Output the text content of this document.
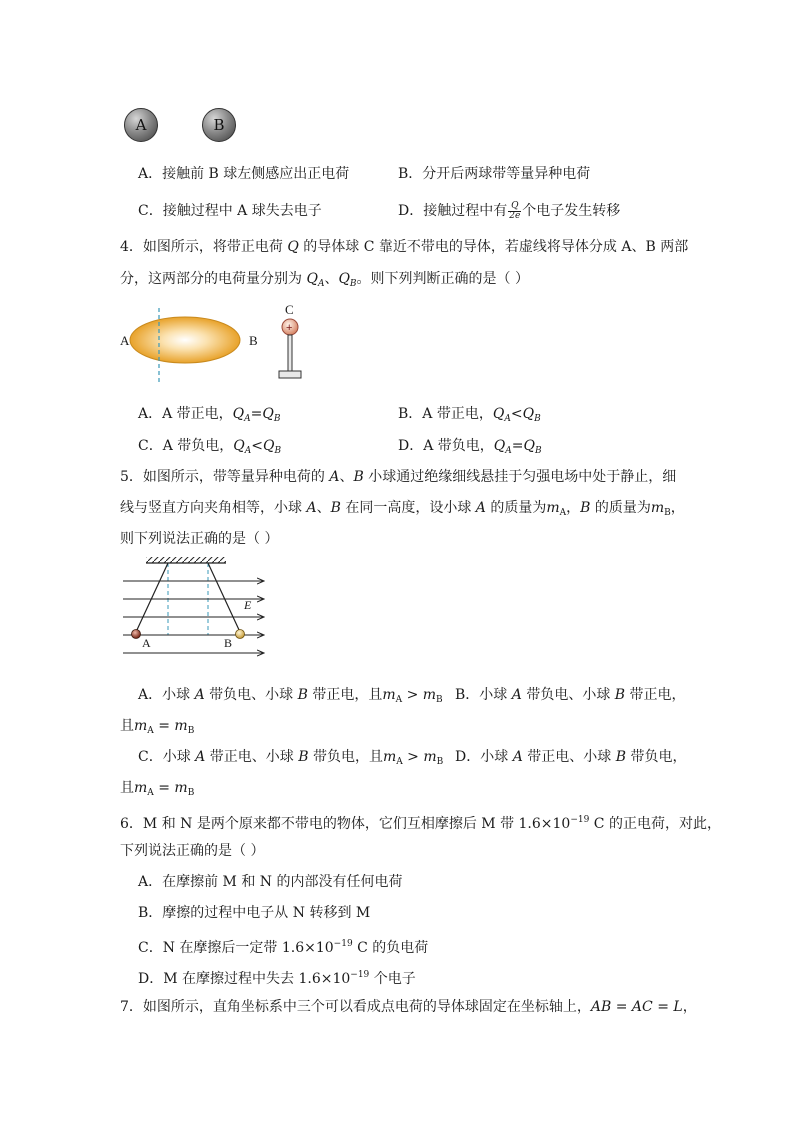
A	B
A．接触前 B 球左侧感应出正电荷	B．分开后两球带等量异种电荷
C．接触过程中 A 球失去电子	D．接触过程中有 $\frac{Q}{2e}$ 个电子发生转移
4．如图所示，将带正电荷 Q 的导体球 C 靠近不带电的导体，若虚线将导体分成 A、B 两部
分，这两部分的电荷量分别为 $Q_A$、$Q_B$。则下列判断正确的是（ ）
A	B
C
+
A．A 带正电，$Q_A=Q_B$	B．A 带正电，$Q_A<Q_B$
C．A 带负电，$Q_A<Q_B$	D．A 带负电，$Q_A=Q_B$
5．如图所示，带等量异种电荷的 A、B 小球通过绝缘细线悬挂于匀强电场中处于静止，细
线与竖直方向夹角相等，小球 A、B 在同一高度，设小球 A 的质量为$m_A$，B 的质量为$m_B$，
则下列说法正确的是（ ）
E
A	B
A．小球 A 带负电、小球 B 带正电，且$m_A > m_B$ B．小球 A 带负电、小球 B 带正电，
且$m_A = m_B$
C．小球 A 带正电、小球 B 带负电，且$m_A > m_B$ D．小球 A 带正电、小球 B 带负电，
且$m_A = m_B$
6．M 和 N 是两个原来都不带电的物体，它们互相摩擦后 M 带 $1.6\times 10^{-19}$ C 的正电荷，对此，
下列说法正确的是（ ）
A．在摩擦前 M 和 N 的内部没有任何电荷
B．摩擦的过程中电子从 N 转移到 M
C．N 在摩擦后一定带 $1.6\times 10^{-19}$ C 的负电荷
D．M 在摩擦过程中失去 $1.6\times 10^{-19}$ 个电子
7．如图所示，直角坐标系中三个可以看成点电荷的导体球固定在坐标轴上，AB = AC = L，
